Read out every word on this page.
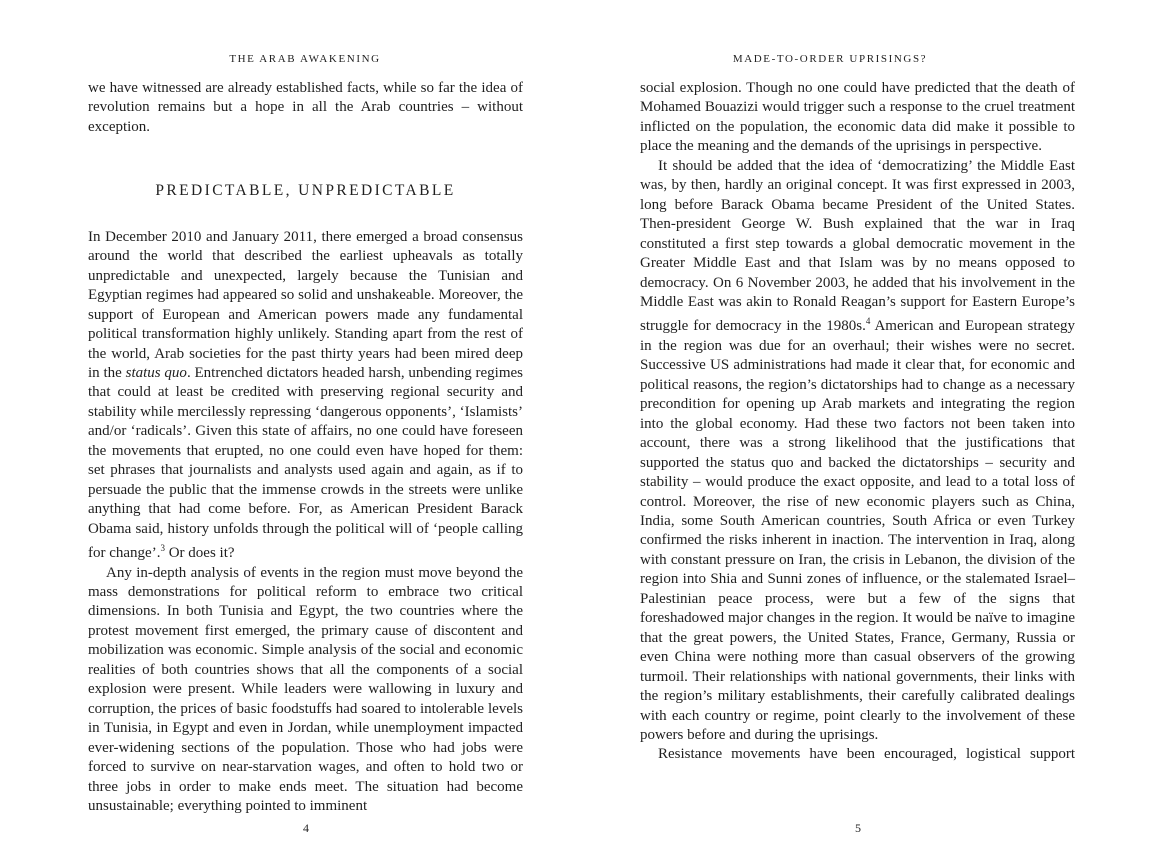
THE ARAB AWAKENING

we have witnessed are already established facts, while so far the idea of revolution remains but a hope in all the Arab countries – without exception.

PREDICTABLE, UNPREDICTABLE

In December 2010 and January 2011, there emerged a broad consensus around the world that described the earliest upheavals as totally unpredictable and unexpected, largely because the Tunisian and Egyptian regimes had appeared so solid and unshakeable. Moreover, the support of European and American powers made any fundamental political transformation highly unlikely. Standing apart from the rest of the world, Arab societies for the past thirty years had been mired deep in the status quo. Entrenched dictators headed harsh, unbending regimes that could at least be credited with preserving regional security and stability while mercilessly repressing ‘dangerous opponents’, ‘Islamists’ and/or ‘radicals’. Given this state of affairs, no one could have foreseen the movements that erupted, no one could even have hoped for them: set phrases that journalists and analysts used again and again, as if to persuade the public that the immense crowds in the streets were unlike anything that had come before. For, as American President Barack Obama said, history unfolds through the political will of ‘people calling for change’.$^3$ Or does it?

Any in-depth analysis of events in the region must move beyond the mass demonstrations for political reform to embrace two critical dimensions. In both Tunisia and Egypt, the two countries where the protest movement first emerged, the primary cause of discontent and mobilization was economic. Simple analysis of the social and economic realities of both countries shows that all the components of a social explosion were present. While leaders were wallowing in luxury and corruption, the prices of basic foodstuffs had soared to intolerable levels in Tunisia, in Egypt and even in Jordan, while unemployment impacted ever-widening sections of the population. Those who had jobs were forced to survive on near-starvation wages, and often to hold two or three jobs in order to make ends meet. The situation had become unsustainable; everything pointed to imminent

4
MADE-TO-ORDER UPRISINGS?

social explosion. Though no one could have predicted that the death of Mohamed Bouazizi would trigger such a response to the cruel treatment inflicted on the population, the economic data did make it possible to place the meaning and the demands of the uprisings in perspective.

It should be added that the idea of ‘democratizing’ the Middle East was, by then, hardly an original concept. It was first expressed in 2003, long before Barack Obama became President of the United States. Then-president George W. Bush explained that the war in Iraq constituted a first step towards a global democratic movement in the Greater Middle East and that Islam was by no means opposed to democracy. On 6 November 2003, he added that his involvement in the Middle East was akin to Ronald Reagan’s support for Eastern Europe’s struggle for democracy in the 1980s.$^4$ American and European strategy in the region was due for an overhaul; their wishes were no secret. Successive US administrations had made it clear that, for economic and political reasons, the region’s dictatorships had to change as a necessary precondition for opening up Arab markets and integrating the region into the global economy. Had these two factors not been taken into account, there was a strong likelihood that the justifications that supported the status quo and backed the dictatorships – security and stability – would produce the exact opposite, and lead to a total loss of control. Moreover, the rise of new economic players such as China, India, some South American countries, South Africa or even Turkey confirmed the risks inherent in inaction. The intervention in Iraq, along with constant pressure on Iran, the crisis in Lebanon, the division of the region into Shia and Sunni zones of influence, or the stalemated Israel–Palestinian peace process, were but a few of the signs that foreshadowed major changes in the region. It would be naïve to imagine that the great powers, the United States, France, Germany, Russia or even China were nothing more than casual observers of the growing turmoil. Their relationships with national governments, their links with the region’s military establishments, their carefully calibrated dealings with each country or regime, point clearly to the involvement of these powers before and during the uprisings.

Resistance movements have been encouraged, logistical support

5
